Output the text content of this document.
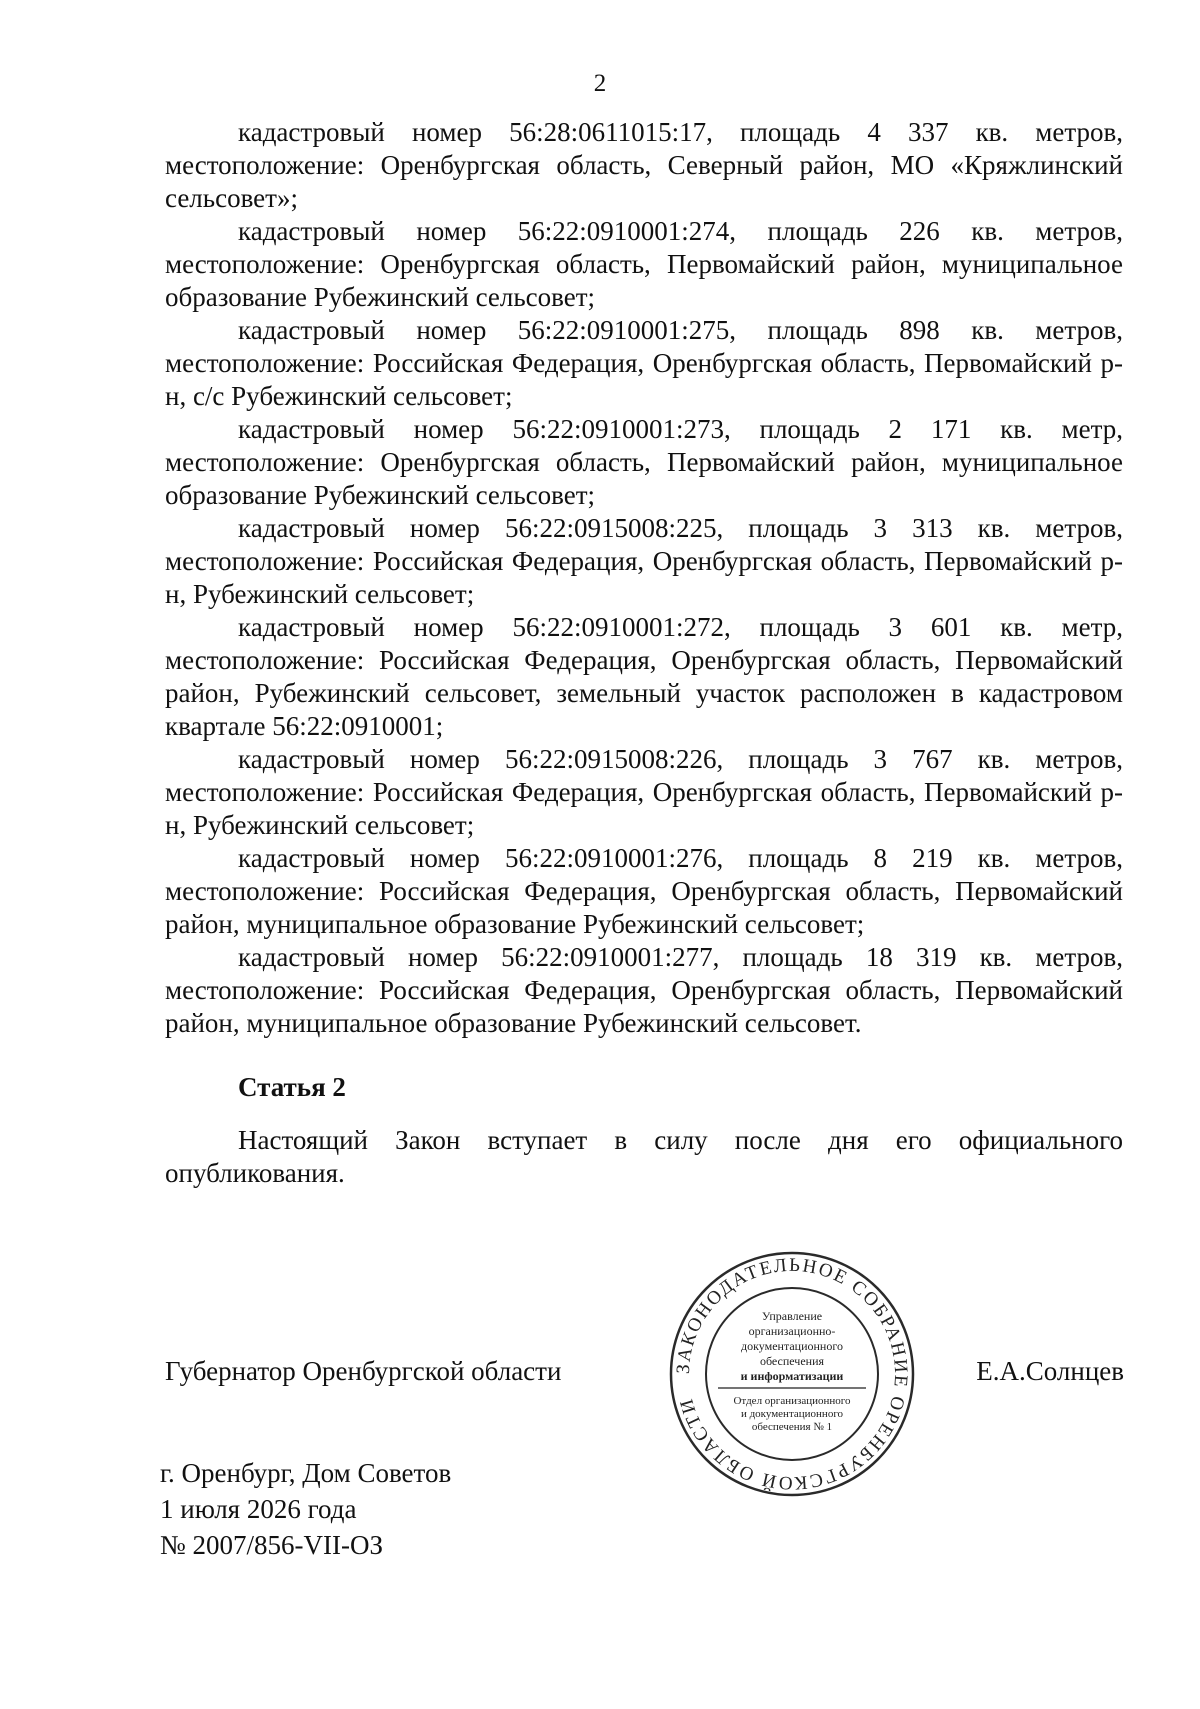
2

кадастровый номер 56:28:0611015:17, площадь 4 337 кв. метров, местоположение: Оренбургская область, Северный район, МО «Кряжлинский сельсовет»;

кадастровый номер 56:22:0910001:274, площадь 226 кв. метров, местоположение: Оренбургская область, Первомайский район, муниципальное образование Рубежинский сельсовет;

кадастровый номер 56:22:0910001:275, площадь 898 кв. метров, местоположение: Российская Федерация, Оренбургская область, Первомайский р-н, с/с Рубежинский сельсовет;

кадастровый номер 56:22:0910001:273, площадь 2 171 кв. метр, местоположение: Оренбургская область, Первомайский район, муниципальное образование Рубежинский сельсовет;

кадастровый номер 56:22:0915008:225, площадь 3 313 кв. метров, местоположение: Российская Федерация, Оренбургская область, Первомайский р-н, Рубежинский сельсовет;

кадастровый номер 56:22:0910001:272, площадь 3 601 кв. метр, местоположение: Российская Федерация, Оренбургская область, Первомайский район, Рубежинский сельсовет, земельный участок расположен в кадастровом квартале 56:22:0910001;

кадастровый номер 56:22:0915008:226, площадь 3 767 кв. метров, местоположение: Российская Федерация, Оренбургская область, Первомайский р-н, Рубежинский сельсовет;

кадастровый номер 56:22:0910001:276, площадь 8 219 кв. метров, местоположение: Российская Федерация, Оренбургская область, Первомайский район, муниципальное образование Рубежинский сельсовет;

кадастровый номер 56:22:0910001:277, площадь 18 319 кв. метров, местоположение: Российская Федерация, Оренбургская область, Первомайский район, муниципальное образование Рубежинский сельсовет.

Статья 2
Настоящий Закон вступает в силу после дня его официального опубликования.
Губернатор Оренбургской области	ЗАКОНОДАТЕЛЬНОЕ СОБРАНИЕ ОРЕНБУРГСКОЙ ОБЛАСТИ
Управление
организационно-
документационного
обеспечения
и информатизации
Отдел организационного
и документационного
обеспечения № 1
Е.А.Солнцев
г. Оренбург, Дом Советов
1 июля 2026 года
№ 2007/856-VII-ОЗ
